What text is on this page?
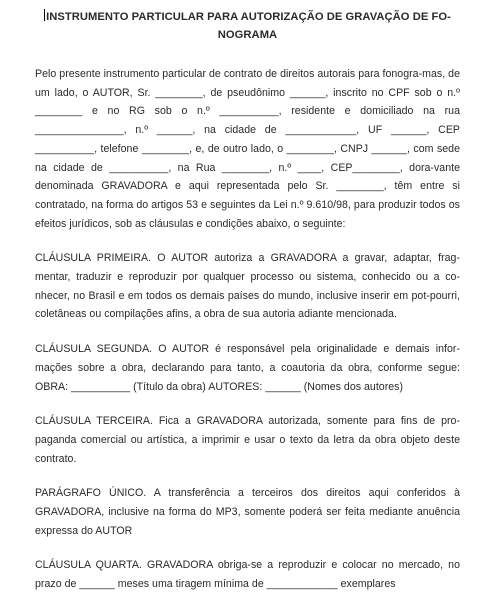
INSTRUMENTO PARTICULAR PARA AUTORIZAÇÃO DE GRAVAÇÃO DE FO-NOGRAMA

Pelo presente instrumento particular de contrato de direitos autorais para fonogra-mas, de um lado, o AUTOR, Sr. ________, de pseudônimo ______, inscrito no CPF sob o n.º ________ e no RG sob o n.º __________, residente e domiciliado na rua _______________, n.º ______, na cidade de ____________, UF ______, CEP __________, telefone ________, e, de outro lado, o ________, CNPJ ______, com sede na cidade de __________, na Rua ________, n.º ____, CEP________, dora-vante denominada GRAVADORA e aqui representada pelo Sr. ________, têm entre si contratado, na forma do artigos 53 e seguintes da Lei n.º 9.610/98, para produzir todos os efeitos jurídicos, sob as cláusulas e condições abaixo, o seguinte:

CLÁUSULA PRIMEIRA. O AUTOR autoriza a GRAVADORA a gravar, adaptar, frag-mentar, traduzir e reproduzir por qualquer processo ou sistema, conhecido ou a co-nhecer, no Brasil e em todos os demais países do mundo, inclusive inserir em pot-pourri, coletâneas ou compilações afins, a obra de sua autoria adiante mencionada.

CLÁUSULA SEGUNDA. O AUTOR é responsável pela originalidade e demais infor-mações sobre a obra, declarando para tanto, a coautoria da obra, conforme segue: OBRA: __________ (Título da obra) AUTORES: ______ (Nomes dos autores)

CLÁUSULA TERCEIRA. Fica a GRAVADORA autorizada, somente para fins de pro-paganda comercial ou artística, a imprimir e usar o texto da letra da obra objeto deste contrato.

PARÁGRAFO ÚNICO. A transferência a terceiros dos direitos aqui conferidos à GRAVADORA, inclusive na forma do MP3, somente poderá ser feita mediante anuência expressa do AUTOR

CLÁUSULA QUARTA. GRAVADORA obriga-se a reproduzir e colocar no mercado, no prazo de ______ meses uma tiragem mínima de ____________ exemplares
